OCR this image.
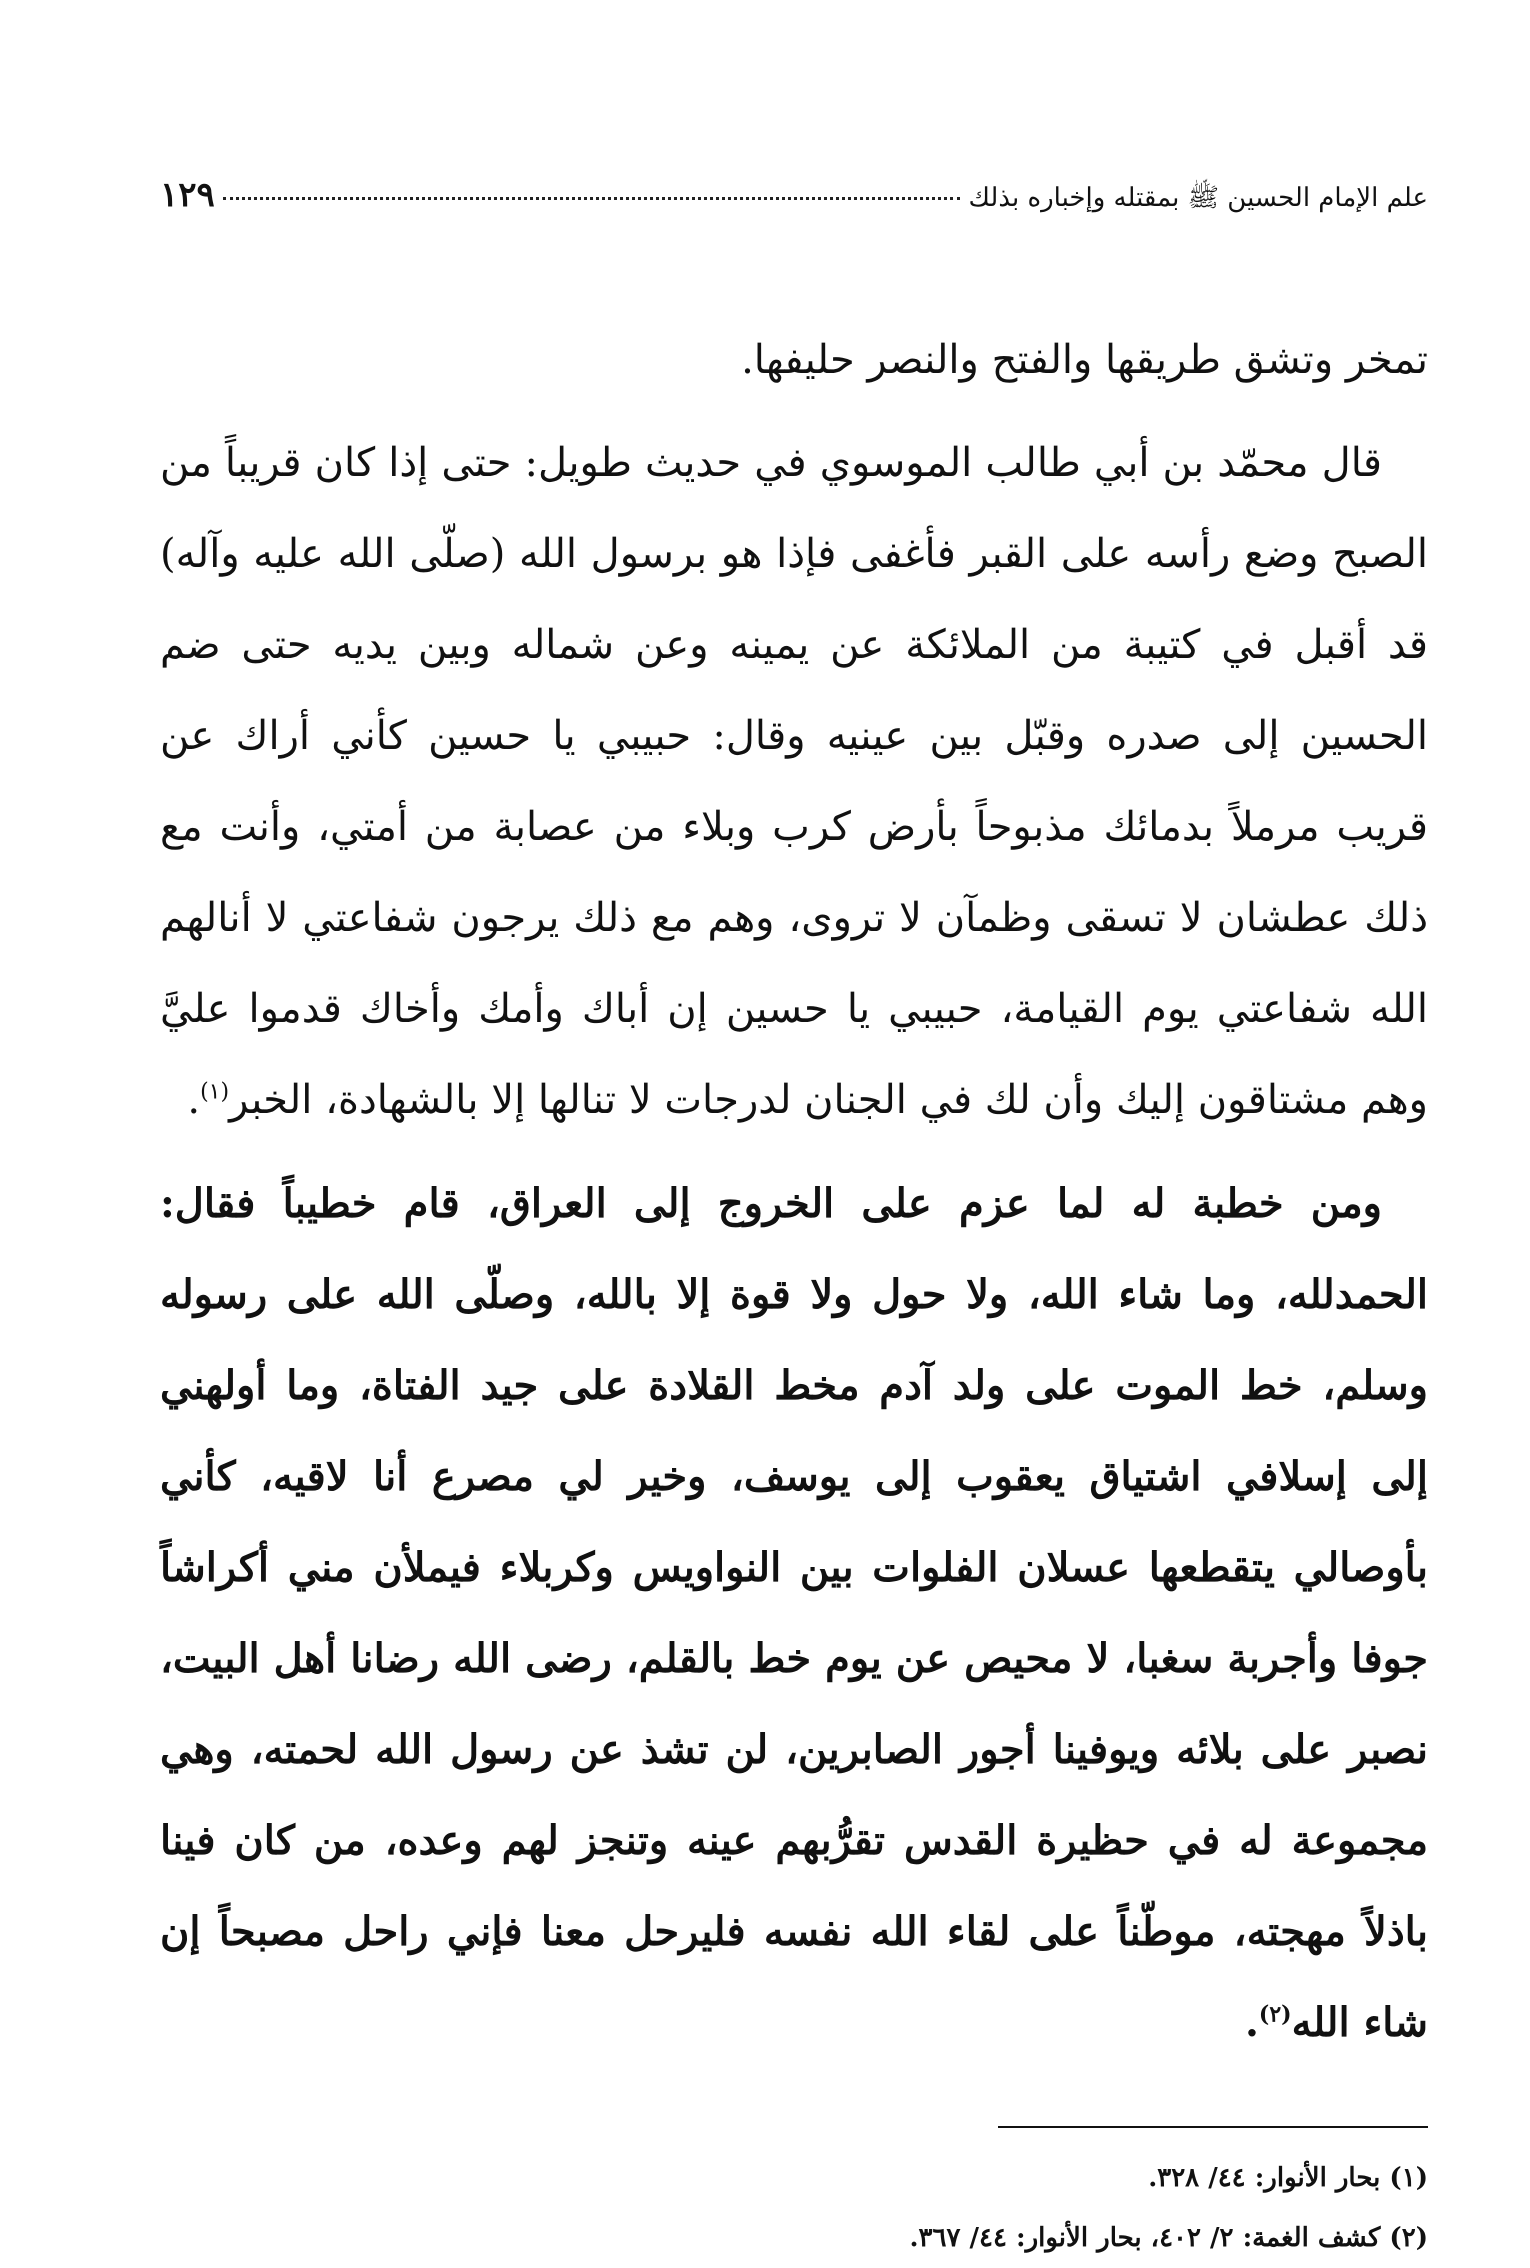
علم الإمام الحسين ﷺ بمقتله وإخباره بذلك
١٢٩

تمخر وتشق طريقها والفتح والنصر حليفها.

قال محمّد بن أبي طالب الموسوي في حديث طويل: حتى إذا كان قريباً من الصبح وضع رأسه على القبر فأغفى فإذا هو برسول الله (صلّى الله عليه وآله) قد أقبل في كتيبة من الملائكة عن يمينه وعن شماله وبين يديه حتى ضم الحسين إلى صدره وقبّل بين عينيه وقال: حبيبي يا حسين كأني أراك عن قريب مرملاً بدمائك مذبوحاً بأرض كرب وبلاء من عصابة من أمتي، وأنت مع ذلك عطشان لا تسقى وظمآن لا تروى، وهم مع ذلك يرجون شفاعتي لا أنالهم الله شفاعتي يوم القيامة، حبيبي يا حسين إن أباك وأمك وأخاك قدموا عليَّ وهم مشتاقون إليك وأن لك في الجنان لدرجات لا تنالها إلا بالشهادة، الخبر$^{(١)}$.

ومن خطبة له لما عزم على الخروج إلى العراق، قام خطيباً فقال: الحمدلله، وما شاء الله، ولا حول ولا قوة إلا بالله، وصلّى الله على رسوله وسلم، خط الموت على ولد آدم مخط القلادة على جيد الفتاة، وما أولهني إلى إسلافي اشتياق يعقوب إلى يوسف، وخير لي مصرع أنا لاقيه، كأني بأوصالي يتقطعها عسلان الفلوات بين النواويس وكربلاء فيملأن مني أكراشاً جوفا وأجربة سغبا، لا محيص عن يوم خط بالقلم، رضى الله رضانا أهل البيت، نصبر على بلائه ويوفينا أجور الصابرين، لن تشذ عن رسول الله لحمته، وهي مجموعة له في حظيرة القدس تقرُّبهم عينه وتنجز لهم وعده، من كان فينا باذلاً مهجته، موطّناً على لقاء الله نفسه فليرحل معنا فإني راحل مصبحاً إن شاء الله$^{(٢)}$.

(١) بحار الأنوار: ٤٤/ ٣٢٨.

(٢) كشف الغمة: ٢/ ٤٠٢، بحار الأنوار: ٤٤/ ٣٦٧.
